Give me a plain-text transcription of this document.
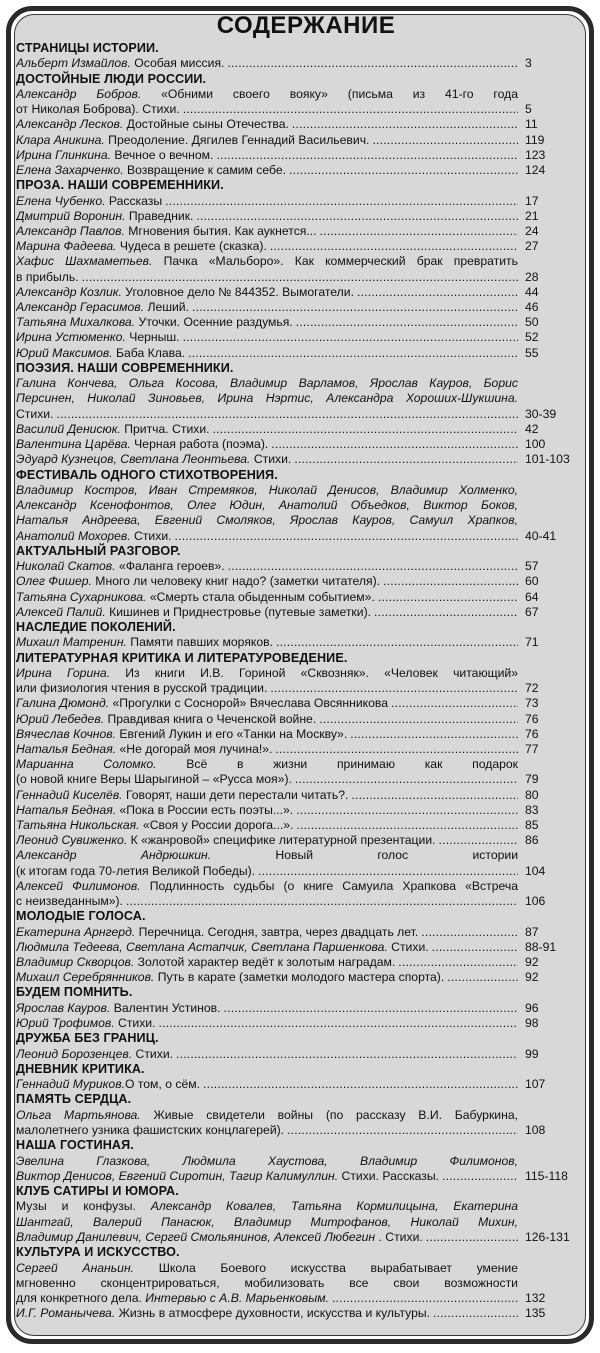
СОДЕРЖАНИЕ
СТРАНИЦЫ ИСТОРИИ.
Альберт Измайлов. Особая миссия. .....	3
ДОСТОЙНЫЕ ЛЮДИ РОССИИ.
Александр Бобров. «Обними своего вояку» (письма из 41-го года
от Николая Боброва). Стихи. .....	5
Александр Лесков. Достойные сыны Отечества. .....	11
Клара Аникина. Преодоление. Дягилев Геннадий Васильевич. .....	119
Ирина Глинкина. Вечное о вечном. .....	123
Елена Захарченко. Возвращение к самим себе. .....	124
ПРОЗА. НАШИ СОВРЕМЕННИКИ.
Елена Чубенко. Рассказы .....	17
Дмитрий Воронин. Праведник. .....	21
Александр Павлов. Мгновения бытия. Как аукнется... .....	24
Марина Фадеева. Чудеса в решете (сказка). .....	27
Хафис Шахмаметьев. Пачка «Мальборо». Как коммерческий брак превратить
в прибыль. .....	28
Александр Козлик. Уголовное дело № 844352. Вымогатели. .....	44
Александр Герасимов. Леший. .....	46
Татьяна Михалкова. Уточки. Осенние раздумья. .....	50
Ирина Устюменко. Черныш. .....	52
Юрий Максимов. Баба Клава. .....	55
ПОЭЗИЯ. НАШИ СОВРЕМЕННИКИ.
Галина Кончева, Ольга Косова, Владимир Варламов, Ярослав Кауров, Борис
Персинен, Николай Зиновьев, Ирина Нэртис, Александра Хороших-Шукшина.
Стихи. .....	30-39
Василий Денисюк. Притча. Стихи. .....	42
Валентина Царёва. Черная работа (поэма). .....	100
Эдуард Кузнецов, Светлана Леонтьева. Стихи. .....	101-103
ФЕСТИВАЛЬ ОДНОГО СТИХОТВОРЕНИЯ.
Владимир Костров, Иван Стремяков, Николай Денисов, Владимир Холменко,
Александр Ксенофонтов, Олег Юдин, Анатолий Объедков, Виктор Боков,
Наталья Андреева, Евгений Смоляков, Ярослав Кауров, Самуил Храпков,
Анатолий Мохорев. Стихи. .....	40-41
АКТУАЛЬНЫЙ РАЗГОВОР.
Николай Скатов. «Фаланга героев». .....	57
Олег Фишер. Много ли человеку книг надо? (заметки читателя). .....	60
Татьяна Сухарникова. «Смерть стала обыденным событием». .....	64
Алексей Палий. Кишинев и Приднестровье (путевые заметки). .....	67
НАСЛЕДИЕ ПОКОЛЕНИЙ.
Михаил Матренин. Памяти павших моряков. .....	71
ЛИТЕРАТУРНАЯ КРИТИКА И ЛИТЕРАТУРОВЕДЕНИЕ.
Ирина Горина. Из книги И.В. Гориной «Сквозняк». «Человек читающий»
или физиология чтения в русской традиции. .....	72
Галина Дюмонд. «Прогулки с Соснорой» Вячеслава Овсянникова .....	73
Юрий Лебедев. Правдивая книга о Чеченской войне. .....	76
Вячеслав Кочнов. Евгений Лукин и его «Танки на Москву». .....	76
Наталья Бедная. «Не догорай моя лучина!». .....	77
Марианна Соломко. Всё в жизни принимаю как подарок
(о новой книге Веры Шарыгиной – «Русса моя»). .....	79
Геннадий Киселёв. Говорят, наши дети перестали читать?. .....	80
Наталья Бедная. «Пока в России есть поэты...». .....	83
Татьяна Никольская. «Своя у России дорога...». .....	85
Леонид Сувиженко. К «жанровой» специфике литературной презентации. .....	86
Александр Андрюшкин. Новый голос истории
(к итогам года 70-летия Великой Победы). .....	104
Алексей Филимонов. Подлинность судьбы (о книге Самуила Храпкова «Встреча
с неизведанным»). .....	106
МОЛОДЫЕ ГОЛОСА.
Екатерина Арнгерд. Перечница. Сегодня, завтра, через двадцать лет. .....	87
Людмила Тедеева, Светлана Астапчик, Светлана Паршенкова. Стихи. .....	88-91
Владимир Скворцов. Золотой характер ведёт к золотым наградам. .....	92
Михаил Серебрянников. Путь в карате (заметки молодого мастера спорта). .....	92
БУДЕМ ПОМНИТЬ.
Ярослав Кауров. Валентин Устинов. .....	96
Юрий Трофимов. Стихи. .....	98
ДРУЖБА БЕЗ ГРАНИЦ.
Леонид Борозенцев. Стихи. .....	99
ДНЕВНИК КРИТИКА.
Геннадий Муриков.О том, о сём. .....	107
ПАМЯТЬ СЕРДЦА.
Ольга Мартьянова. Живые свидетели войны (по рассказу В.И. Бабуркина,
малолетнего узника фашистских концлагерей). .....	108
НАША ГОСТИНАЯ.
Эвелина Глазкова, Людмила Хаустова, Владимир Филимонов,
Виктор Денисов, Евгений Сиротин, Тагир Калимуллин. Стихи. Рассказы. .....	115-118
КЛУБ САТИРЫ И ЮМОРА.
Музы и конфузы. Александр Ковалев, Татьяна Кормилицына, Екатерина
Шантгай, Валерий Панасюк, Владимир Митрофанов, Николай Михин,
Владимир Данилевич, Сергей Смольянинов, Алексей Любегин . Стихи. .....	126-131
КУЛЬТУРА И ИСКУССТВО.
Сергей Ананьин. Школа Боевого искусства вырабатывает умение
мгновенно сконцентрироваться, мобилизовать все свои возможности
для конкретного дела. Интервью с А.В. Марьенковым. .....	132
И.Г. Романычева. Жизнь в атмосфере духовности, искусства и культуры. .....	135
